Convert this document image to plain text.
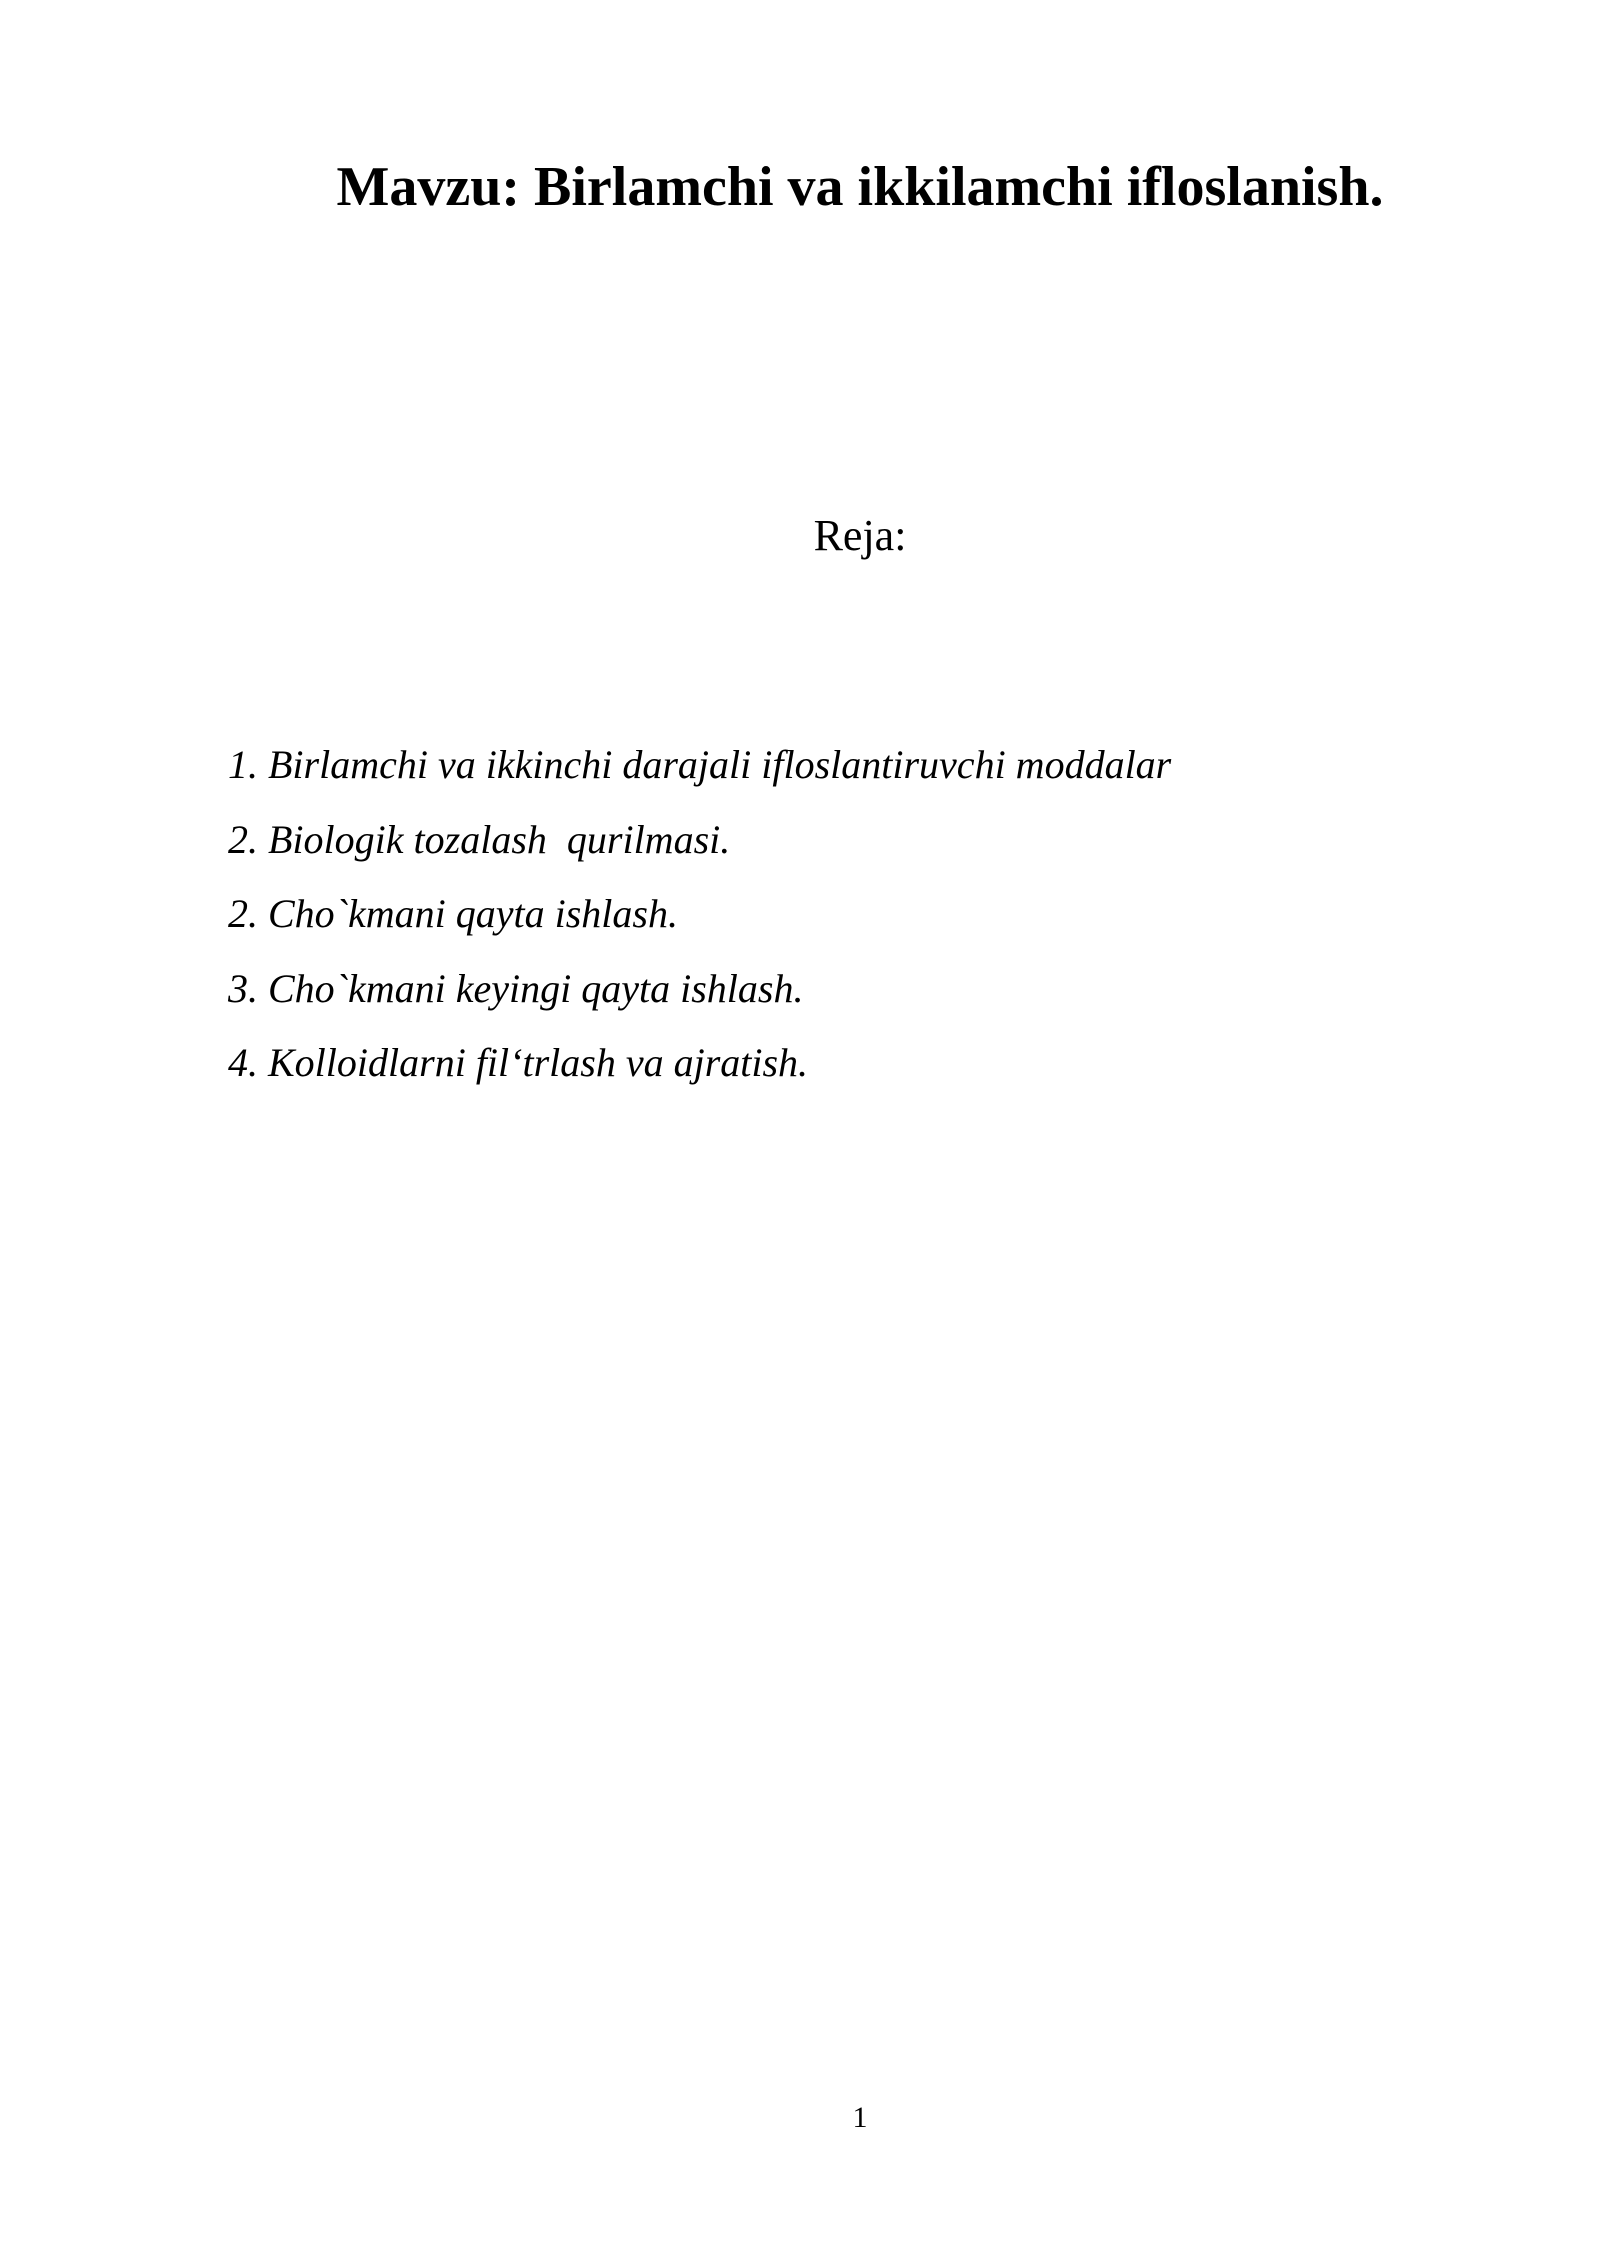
Mavzu: Birlamchi va ikkilamchi ifloslanish.
Reja:
1. Birlamchi va ikkinchi darajali ifloslantiruvchi moddalar
2. Biologik tozalash  qurilmasi.
2. Cho`kmani qayta ishlash.
3. Cho`kmani keyingi qayta ishlash.
4. Kolloidlarni fil‘trlash va ajratish.
1
